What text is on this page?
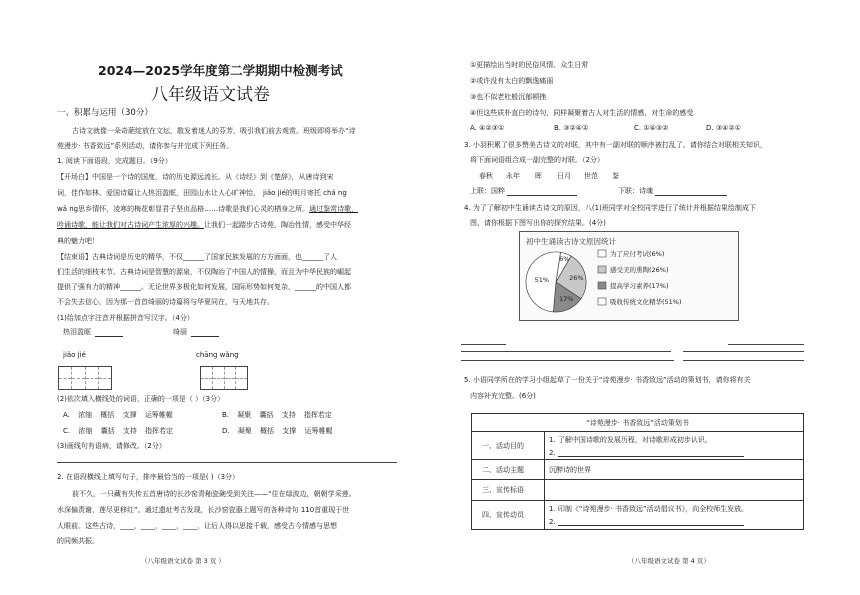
2024—2025学年度第二学期期中检测考试
八年级语文试卷
一、积累与运用（30分）
古诗文就像一朵奇葩绽放在文坛，散发着迷人的芬芳，吸引我们前去观赏。班级即将举办“诗
苑漫步· 书香致远”系列活动，请你参与并完成下列任务。
1. 阅读下面语段，完成题目。（9分）
【开场白】中国是一个诗的国度，诗的历史源远流长。从《诗经》到《楚辞》，从唐诗到宋
词，佳作如林。爱国诗篇让人热泪盈眶，田园山水让人心旷神怡， jiǎo jié的明月寄托 chá ng
wǎ ng思乡情怀，凌寒的梅花彰显君子坚贞品格……诗歌是我们心灵的栖身之所。通过鉴赏诗歌，
吟诵诗歌，能让我们对古诗词产生浓厚的兴趣。让我们一起踏步古诗苑，陶冶性情，感受中华经
典的魅力吧！
【结束语】古典诗词是历史的精华，不仅______了国家民族发展的方方面面，也______了人
们生活的细枝末节。古典诗词是智慧的源泉，不仅陶冶了中国人的情操，而且为中华民族的崛起
提供了强有力的精神______。无论世界多极化如何发展，国际形势如何复杂，______的中国人都
不会失去信心，因为那一首首绮丽的诗篇将与华夏同在，与天地共存。
(1)给加点字注音并根据拼音写汉字。（4分）
热泪盈眶	绮丽
jiǎo jié	chāng wǎng
(2)依次填入横线处的词语，正确的一项是（ ）（3分）
A. 浓缩 概括 支撑 运筹帷幄	B. 凝聚 囊括 支持 指挥若定
C. 浓缩 囊括 支持 指挥若定	D. 凝聚 概括 支撑 运筹帷幄
(3)画线句有语病，请修改。（2分）
2. 在语段横线上填写句子，排序最恰当的一项是( )（3分）
前不久，一只藏有失传五首唐诗的长沙窑青釉瓷碗受到关注——“住在绿波边，朝朝学采莲。
水深偏责谢，莲尽更移红”。通过遗址考古发现，长沙窑瓷器上题写的各种诗句 110首重现于世
人眼前。这些古诗，____，____，____，____，让后人得以思接千载，感受古今情感与思想
的同频共振。
（八年级语文试卷 第 3 页 ）
①更描绘出当时的民俗风情、众生日常
②或许没有太白的飘逸痛丽
③也不似老杜般沉郁顿挫
④但这些质朴直白的诗句，同样凝聚着古人对生活的情感、对生命的感受
A. ④②③①	B. ③②④①	C. ①④③②	D. ③④②①
3. 小羽积累了很多赞美古诗文的对联，其中有一副对联的顺序被打乱了。请你结合对联相关知识，
将下面词语组合成一副完整的对联。（2分）
春秋 永年 晖 日月 世范 鉴
上联：国粹	下联：诗魂
4. 为了了解初中生诵读古诗文的原因，八(1)班同学对全校同学进行了统计并根据结果绘制成下
图，请你根据下图写出你的探究结果。(4分)
初中生诵读古诗文原因统计
6%
26%
17%
51%
为了应付考试(6%)
感受美的熏陶(26%)
提高学习素养(17%)
吸收传统文化精华(51%)
5. 小语同学所在的学习小组起草了一份关于“诗苑漫步· 书香致远”活动的策划书，请你将有关
内容补充完整。(6分)
“诗苑漫步· 书香致远”活动策划书	
一、活动目的	1. 了解中国诗歌的发展历程，对诗歌形成初步认识。
2.

二、活动主题	沉醉诗的世界
三、宣传标语	
四、宣传动员	1. 印制《“诗苑漫步· 书香致远”活动倡议书》，向全校师生发放。
2.
（八年级语文试卷 第 4 页）
